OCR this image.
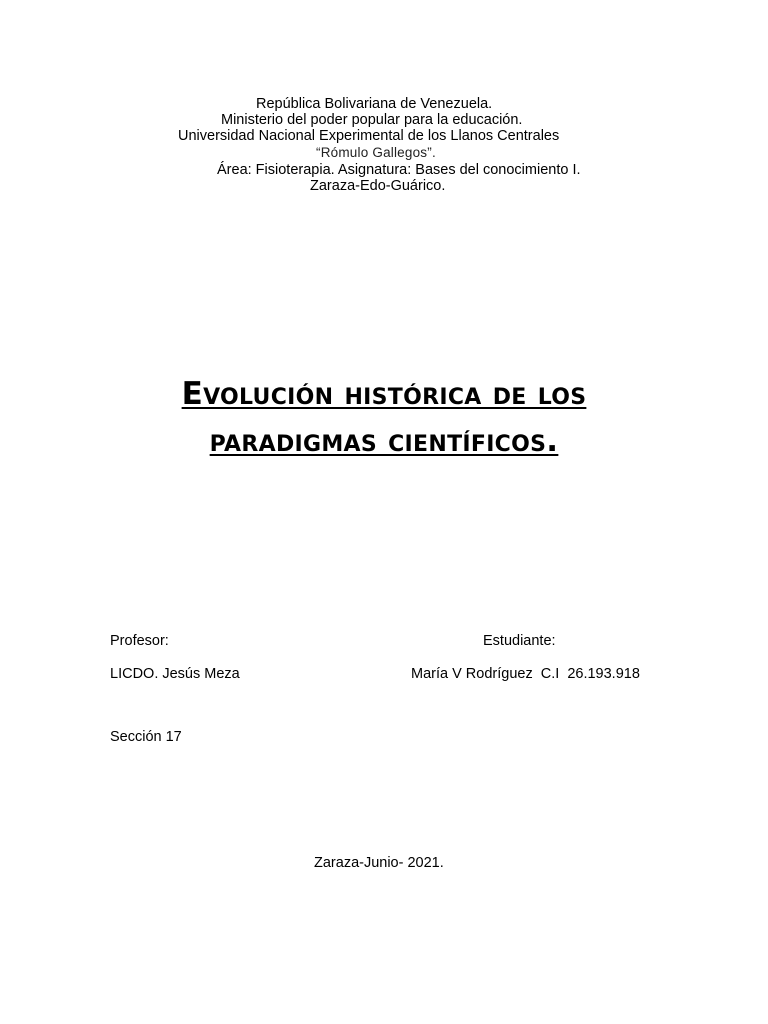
República Bolivariana de Venezuela.
Ministerio del poder popular para la educación.
Universidad Nacional Experimental de los Llanos Centrales
“Rómulo Gallegos”.
Área: Fisioterapia. Asignatura: Bases del conocimiento I.
Zaraza-Edo-Guárico.
Evolución histórica de los
paradigmas científicos.
Profesor:	Estudiante:
LICDO. Jesús Meza	María V Rodríguez  C.I  26.193.918
Sección 17
Zaraza-Junio- 2021.
